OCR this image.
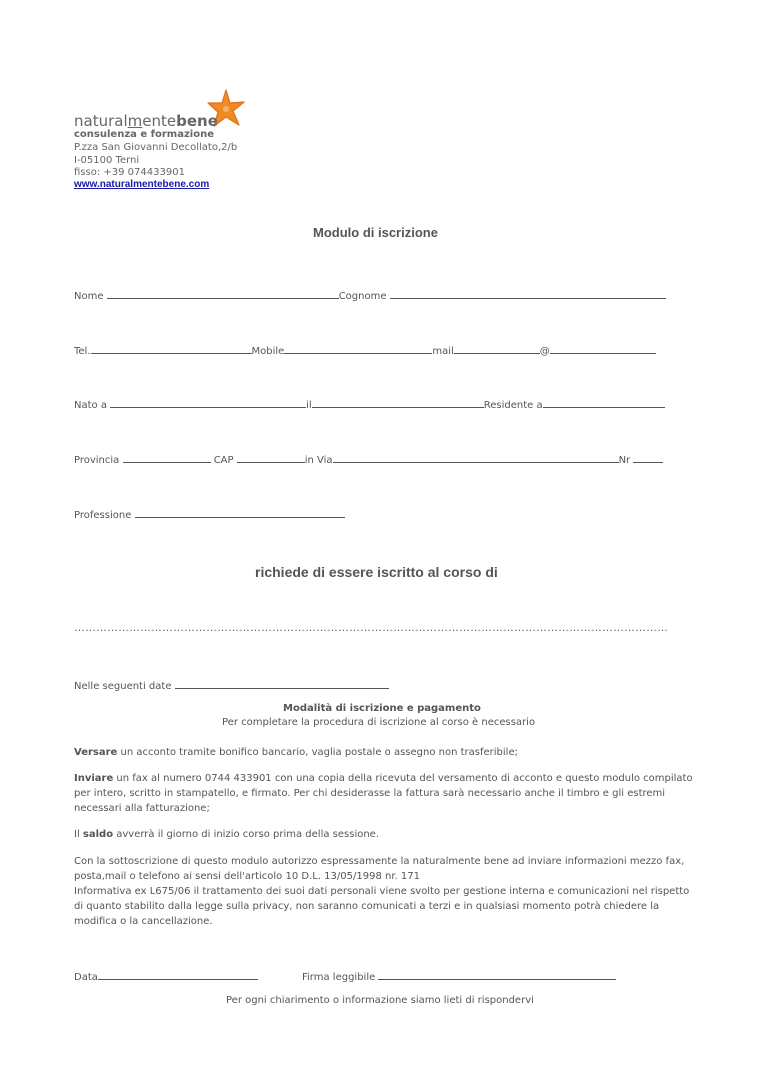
naturalmentebene
consulenza e formazione
P.zza San Giovanni Decollato,2/b
I-05100 Terni
fisso: +39 074433901
www.naturalmentebene.com
Modulo di iscrizione
Nome	Cognome
Tel.	Mobile	mail	@
Nato a	il	Residente a
Provincia	CAP	in Via	Nr
Professione
richiede di essere iscritto al corso di
………………………………………………………………………………………………………………………………………………
Nelle seguenti date
Modalità di iscrizione e pagamento
Per completare la procedura di iscrizione al corso è necessario
Versare un acconto tramite bonifico bancario, vaglia postale o assegno non trasferibile;
Inviare un fax al numero 0744 433901 con una copia della ricevuta del versamento di acconto e questo modulo compilato per intero, scritto in stampatello, e firmato. Per chi desiderasse la fattura sarà necessario anche il timbro e gli estremi necessari alla fatturazione;
Il saldo avverrà il giorno di inizio corso prima della sessione.
Con la sottoscrizione di questo modulo autorizzo espressamente la naturalmente bene ad inviare informazioni mezzo fax, posta,mail o telefono ai sensi dell'articolo 10 D.L. 13/05/1998 nr. 171
Informativa ex L675/06 il trattamento dei suoi dati personali viene svolto per gestione interna e comunicazioni nel rispetto di quanto stabilito dalla legge sulla privacy, non saranno comunicati a terzi e in qualsiasi momento potrà chiedere la modifica o la cancellazione.
Data	Firma leggibile
Per ogni chiarimento o informazione siamo lieti di rispondervi
